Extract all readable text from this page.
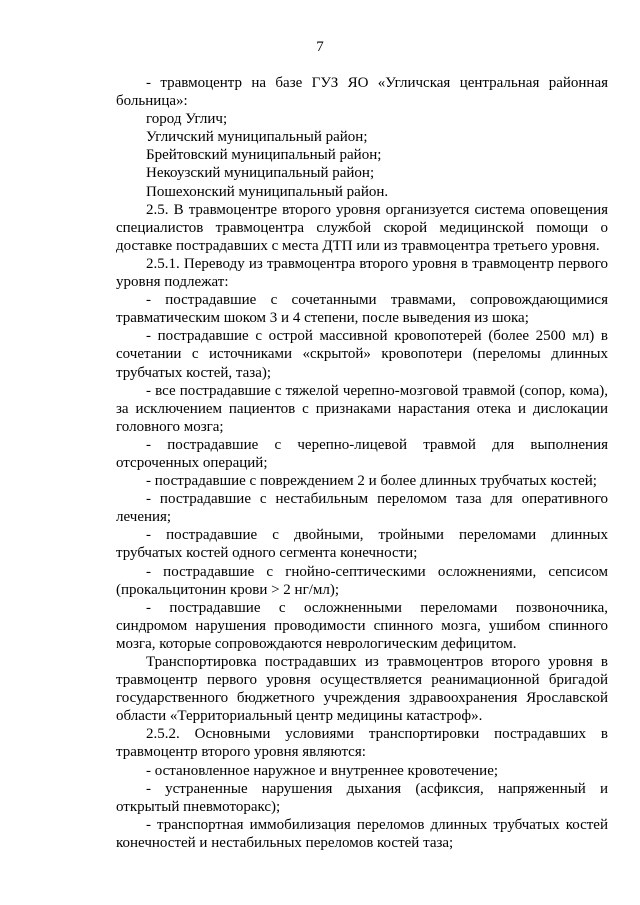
7

- травмоцентр на базе ГУЗ ЯО «Угличская центральная районная больница»:

город Углич;

Угличский муниципальный район;

Брейтовский муниципальный район;

Некоузский муниципальный район;

Пошехонский муниципальный район.

2.5. В травмоцентре второго уровня организуется система оповещения специалистов травмоцентра службой скорой медицинской помощи о доставке пострадавших с места ДТП или из травмоцентра третьего уровня.

2.5.1. Переводу из травмоцентра второго уровня в травмоцентр первого уровня подлежат:

- пострадавшие с сочетанными травмами, сопровождающимися травматическим шоком 3 и 4 степени, после выведения из шока;

- пострадавшие с острой массивной кровопотерей (более 2500 мл) в сочетании с источниками «скрытой» кровопотери (переломы длинных трубчатых костей, таза);

- все пострадавшие с тяжелой черепно-мозговой травмой (сопор, кома), за исключением пациентов с признаками нарастания отека и дислокации головного мозга;

- пострадавшие с черепно-лицевой травмой для выполнения отсроченных операций;

- пострадавшие с повреждением 2 и более длинных трубчатых костей;

- пострадавшие с нестабильным переломом таза для оперативного лечения;

- пострадавшие с двойными, тройными переломами длинных трубчатых костей одного сегмента конечности;

- пострадавшие с гнойно-септическими осложнениями, сепсисом (прокальцитонин крови > 2 нг/мл);

- пострадавшие с осложненными переломами позвоночника, синдромом нарушения проводимости спинного мозга, ушибом спинного мозга, которые сопровождаются неврологическим дефицитом.

Транспортировка пострадавших из травмоцентров второго уровня в травмоцентр первого уровня осуществляется реанимационной бригадой государственного бюджетного учреждения здравоохранения Ярославской области «Территориальный центр медицины катастроф».

2.5.2. Основными условиями транспортировки пострадавших в травмоцентр второго уровня являются:

- остановленное наружное и внутреннее кровотечение;

- устраненные нарушения дыхания (асфиксия, напряженный и открытый пневмоторакс);

- транспортная иммобилизация переломов длинных трубчатых костей конечностей и нестабильных переломов костей таза;
